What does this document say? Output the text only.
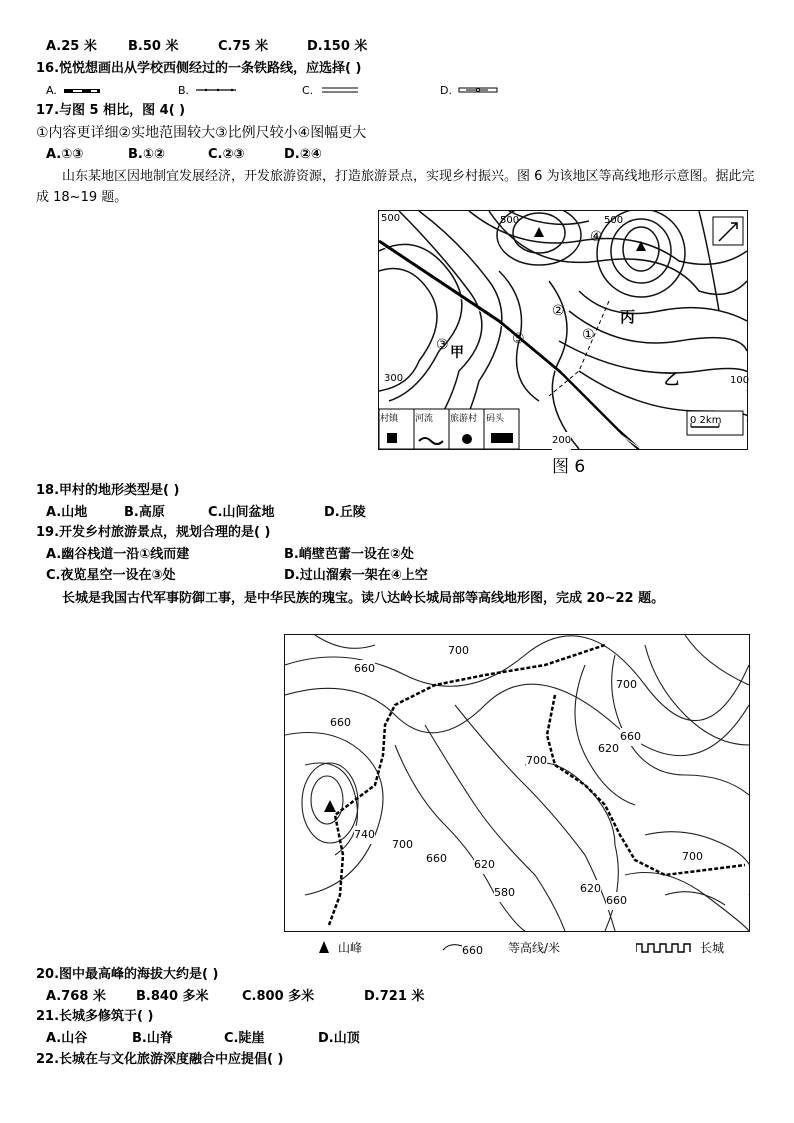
A.25 米 B.50 米	C.75 米	D.150 米
16.悦悦想画出从学校西侧经过的一条铁路线，应选择( )
A.	B.	C.	D.
17.与图 5 相比，图 4( )
①内容更详细②实地范围较大③比例尺较小④图幅更大
A.①③	B.①②	C.②③	D.②④
山东某地区因地制宜发展经济，开发旅游资源，打造旅游景点，实现乡村振兴。图 6 为该地区等高线地形示意图。据此完成 18~19 题。
500	500	500
300
200
100
①
②
③
④
⑤
甲
乙
丙
0 2km
村镇 河流 旅游村 码头
图 6
18.甲村的地形类型是( )
A.山地	B.高原	C.山间盆地	D.丘陵
19.开发乡村旅游景点，规划合理的是( )
A.幽谷栈道一沿①线而建	B.峭壁芭蕾一设在②处
C.夜览星空一设在③处	D.过山溜索一架在④上空
长城是我国古代军事防御工事，是中华民族的瑰宝。读八达岭长城局部等高线地形图，完成 20~22 题。
700
660
700
660
660
700
620
740
700
660 620
580	620
660
700
山峰	660 等高线/米	长城
20.图中最高峰的海拔大约是( )
A.768 米 B.840 多米	C.800 多米	D.721 米
21.长城多修筑于( )
A.山谷	B.山脊	C.陡崖	D.山顶
22.长城在与文化旅游深度融合中应提倡( )
